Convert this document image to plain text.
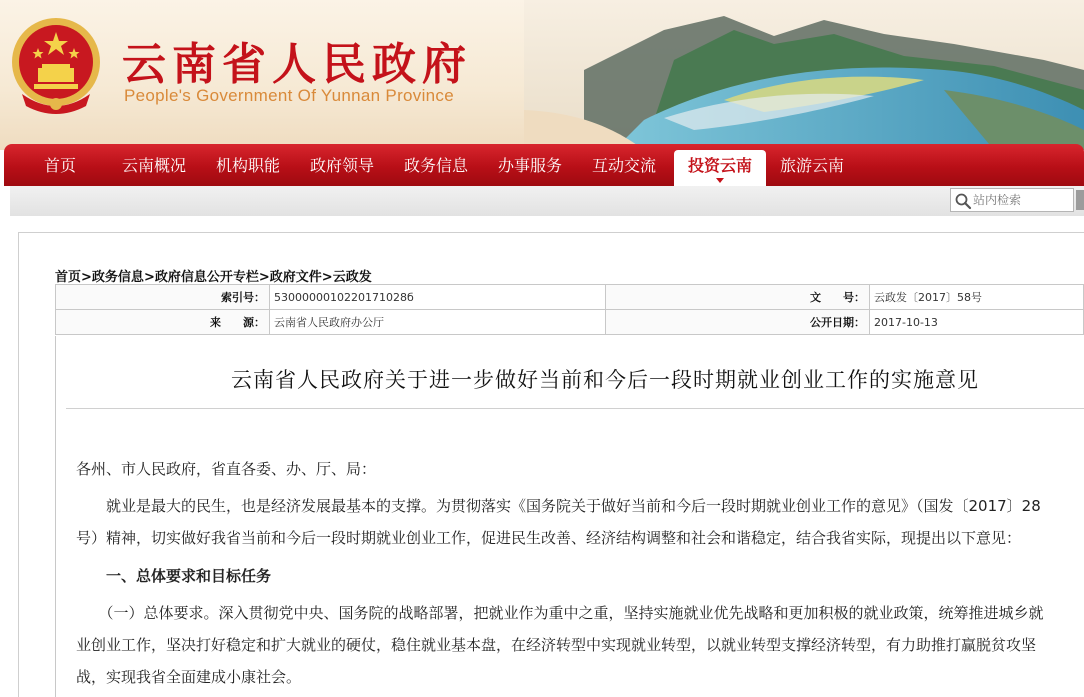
云南省人民政府
People's Government Of Yunnan Province
首页	云南概况	机构职能	政府领导	政务信息	办事服务	互动交流	投资云南	旅游云南
站内检索
首页>政务信息>政府信息公开专栏>政府文件>云政发
索引号：	5300000010220171028б	文　　号：	云政发〔2017〕58号
来　　源：	云南省人民政府办公厅	公开日期：	2017-10-13
云南省人民政府关于进一步做好当前和今后一段时期就业创业工作的实施意见
各州、市人民政府，省直各委、办、厅、局：
　　就业是最大的民生，也是经济发展最基本的支撑。为贯彻落实《国务院关于做好当前和今后一段时期就业创业工作的意见》（国发〔2017〕28
号）精神，切实做好我省当前和今后一段时期就业创业工作，促进民生改善、经济结构调整和社会和谐稳定，结合我省实际，现提出以下意见：
　　一、总体要求和目标任务
　　（一）总体要求。深入贯彻党中央、国务院的战略部署，把就业作为重中之重，坚持实施就业优先战略和更加积极的就业政策，统筹推进城乡就
业创业工作，坚决打好稳定和扩大就业的硬仗，稳住就业基本盘，在经济转型中实现就业转型，以就业转型支撑经济转型，有力助推打赢脱贫攻坚
战，实现我省全面建成小康社会。
